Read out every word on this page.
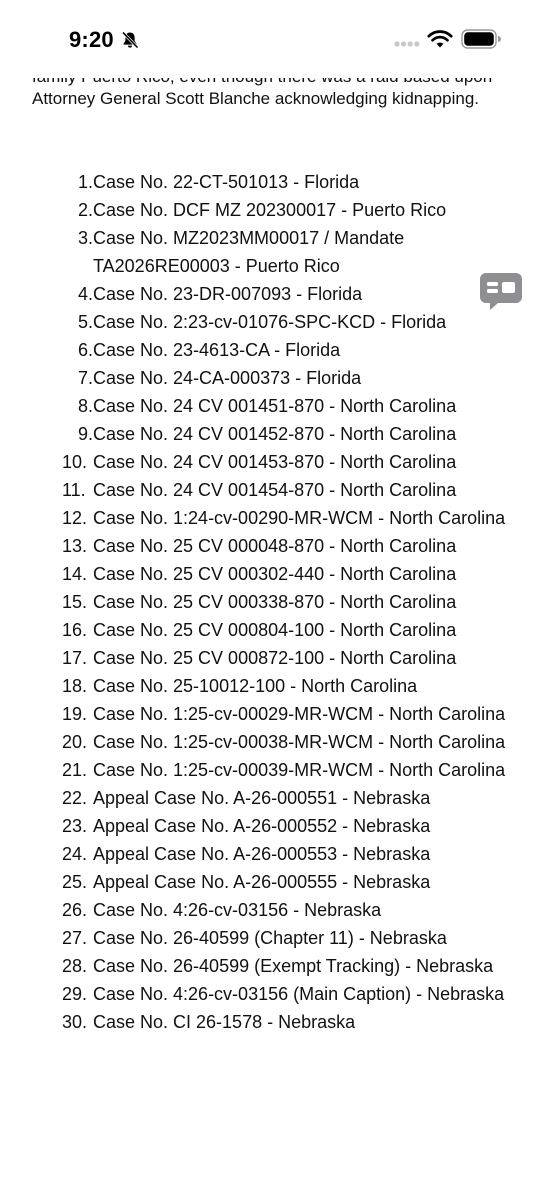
9:20

Attorney General Scott Blanche acknowledging kidnapping.

1. Case No. 22-CT-501013 - Florida
2. Case No. DCF MZ 202300017 - Puerto Rico
3. Case No. MZ2023MM00017 / Mandate TA2026RE00003 - Puerto Rico
4. Case No. 23-DR-007093 - Florida
5. Case No. 2:23-cv-01076-SPC-KCD - Florida
6. Case No. 23-4613-CA - Florida
7. Case No. 24-CA-000373 - Florida
8. Case No. 24 CV 001451-870 - North Carolina
9. Case No. 24 CV 001452-870 - North Carolina
10. Case No. 24 CV 001453-870 - North Carolina
11. Case No. 24 CV 001454-870 - North Carolina
12. Case No. 1:24-cv-00290-MR-WCM - North Carolina
13. Case No. 25 CV 000048-870 - North Carolina
14. Case No. 25 CV 000302-440 - North Carolina
15. Case No. 25 CV 000338-870 - North Carolina
16. Case No. 25 CV 000804-100 - North Carolina
17. Case No. 25 CV 000872-100 - North Carolina
18. Case No. 25-10012-100 - North Carolina
19. Case No. 1:25-cv-00029-MR-WCM - North Carolina
20. Case No. 1:25-cv-00038-MR-WCM - North Carolina
21. Case No. 1:25-cv-00039-MR-WCM - North Carolina
22. Appeal Case No. A-26-000551 - Nebraska
23. Appeal Case No. A-26-000552 - Nebraska
24. Appeal Case No. A-26-000553 - Nebraska
25. Appeal Case No. A-26-000555 - Nebraska
26. Case No. 4:26-cv-03156 - Nebraska
27. Case No. 26-40599 (Chapter 11) - Nebraska
28. Case No. 26-40599 (Exempt Tracking) - Nebraska
29. Case No. 4:26-cv-03156 (Main Caption) - Nebraska
30. Case No. CI 26-1578 - Nebraska
